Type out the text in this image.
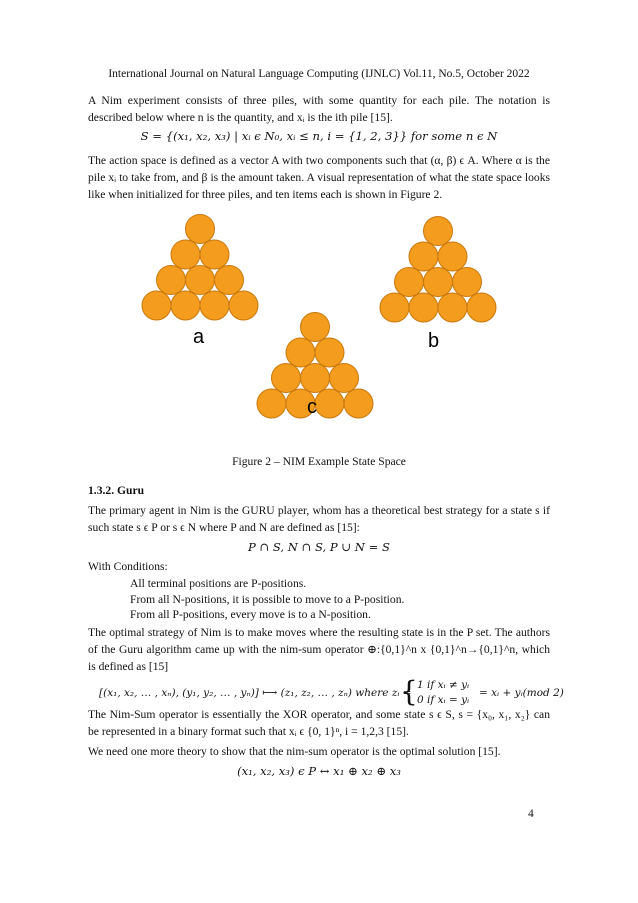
International Journal on Natural Language Computing (IJNLC) Vol.11, No.5, October 2022
A Nim experiment consists of three piles, with some quantity for each pile. The notation is described below where n is the quantity, and xᵢ is the ith pile [15].
S = {(x₁, x₂, x₃) | xᵢ ϵ N₀, xᵢ ≤ n, i = {1, 2, 3}} for some n ϵ N
The action space is defined as a vector A with two components such that (α, β) ϵ A. Where α is the pile xᵢ to take from, and β is the amount taken. A visual representation of what the state space looks like when initialized for three piles, and ten items each is shown in Figure 2.
a	b
c
Figure 2 – NIM Example State Space
1.3.2. Guru
The primary agent in Nim is the GURU player, whom has a theoretical best strategy for a state s if such state s ϵ P or s ϵ N where P and N are defined as [15]:
P ∩ S, N ∩ S, P ∪ N = S
With Conditions:
All terminal positions are P-positions.
From all N-positions, it is possible to move to a P-position.
From all P-positions, every move is to a N-position.
The optimal strategy of Nim is to make moves where the resulting state is in the P set. The authors of the Guru algorithm came up with the nim-sum operator ⊕:{0,1}^n x {0,1}^n→{0,1}^n, which is defined as [15]
[(x₁, x₂, … , xₙ), (y₁, y₂, … , yₙ)] ⟼ (z₁, z₂, … , zₙ) where zᵢ =
{ 1 if xᵢ ≠ yᵢ
0 if xᵢ = yᵢ
= xᵢ + yᵢ(mod 2)
The Nim-Sum operator is essentially the XOR operator, and some state s ϵ S, s = {x₀, x₁, x₂} can be represented in a binary format such that xᵢ ϵ {0, 1}ⁿ, i = 1,2,3 [15].
We need one more theory to show that the nim-sum operator is the optimal solution [15].
(x₁, x₂, x₃) ϵ P ↔ x₁ ⊕ x₂ ⊕ x₃
4
